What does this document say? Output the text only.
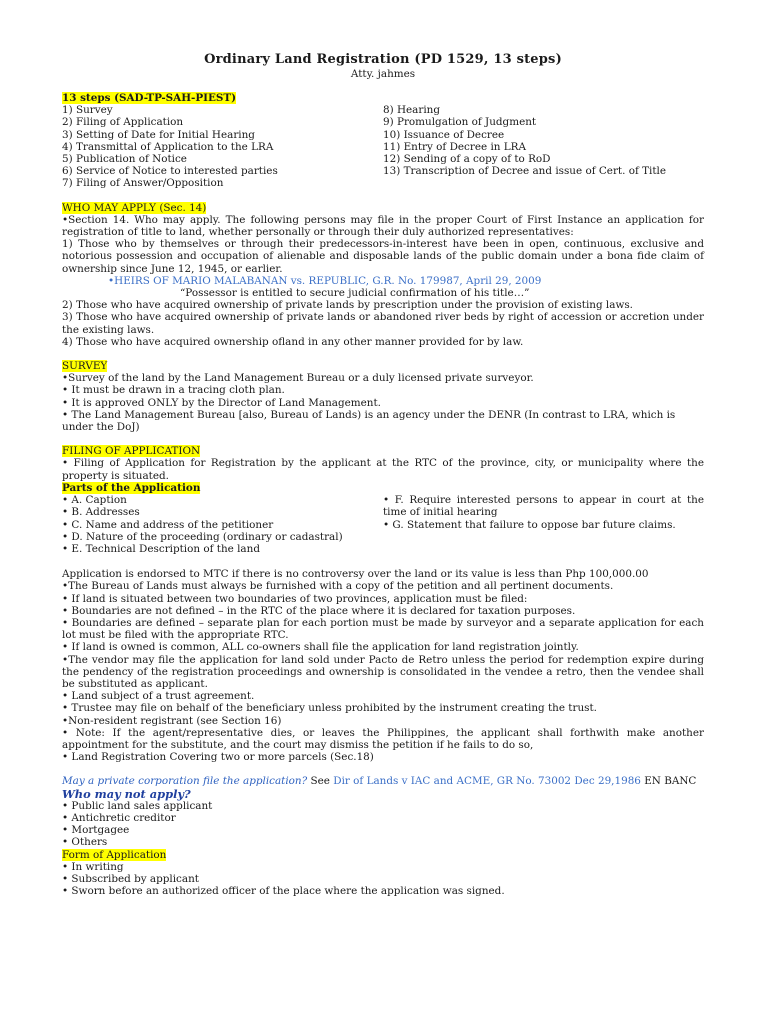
Ordinary Land Registration (PD 1529, 13 steps)
Atty. jahmes
13 steps (SAD-TP-SAH-PIEST)
1) Survey
2) Filing of Application
3) Setting of Date for Initial Hearing
4) Transmittal of Application to the LRA
5) Publication of Notice
6) Service of Notice to interested parties
7) Filing of Answer/Opposition
8) Hearing
9) Promulgation of Judgment
10) Issuance of Decree
11) Entry of Decree in LRA
12) Sending of a copy of to RoD
13) Transcription of Decree and issue of Cert. of Title
WHO MAY APPLY (Sec. 14)

•Section 14. Who may apply. The following persons may file in the proper Court of First Instance an application for registration of title to land, whether personally or through their duly authorized representatives:

1) Those who by themselves or through their predecessors-in-interest have been in open, continuous, exclusive and notorious possession and occupation of alienable and disposable lands of the public domain under a bona fide claim of ownership since June 12, 1945, or earlier.

•HEIRS OF MARIO MALABANAN vs. REPUBLIC, G.R. No. 179987, April 29, 2009

“Possessor is entitled to secure judicial confirmation of his title…”

2) Those who have acquired ownership of private lands by prescription under the provision of existing laws.

3) Those who have acquired ownership of private lands or abandoned river beds by right of accession or accretion under the existing laws.

4) Those who have acquired ownership ofland in any other manner provided for by law.

SURVEY

•Survey of the land by the Land Management Bureau or a duly licensed private surveyor.

• It must be drawn in a tracing cloth plan.

• It is approved ONLY by the Director of Land Management.

• The Land Management Bureau [also, Bureau of Lands) is an agency under the DENR (In contrast to LRA, which is under the DoJ)

FILING OF APPLICATION

• Filing of Application for Registration by the applicant at the RTC of the province, city, or municipality where the property is situated.

Parts of the Application
• A. Caption
• B. Addresses
• C. Name and address of the petitioner
• D. Nature of the proceeding (ordinary or cadastral)
• E. Technical Description of the land
• F. Require interested persons to appear in court at the time of initial hearing
• G. Statement that failure to oppose bar future claims.

Application is endorsed to MTC if there is no controversy over the land or its value is less than Php 100,000.00

•The Bureau of Lands must always be furnished with a copy of the petition and all pertinent documents.

• If land is situated between two boundaries of two provinces, application must be filed:

• Boundaries are not defined – in the RTC of the place where it is declared for taxation purposes.

• Boundaries are defined – separate plan for each portion must be made by surveyor and a separate application for each lot must be filed with the appropriate RTC.

• If land is owned is common, ALL co-owners shall file the application for land registration jointly.

•The vendor may file the application for land sold under Pacto de Retro unless the period for redemption expire during the pendency of the registration proceedings and ownership is consolidated in the vendee a retro, then the vendee shall be substituted as applicant.

• Land subject of a trust agreement.

• Trustee may file on behalf of the beneficiary unless prohibited by the instrument creating the trust.

•Non-resident registrant (see Section 16)

• Note: If the agent/representative dies, or leaves the Philippines, the applicant shall forthwith make another appointment for the substitute, and the court may dismiss the petition if he fails to do so,

• Land Registration Covering two or more parcels (Sec.18)

May a private corporation file the application? See Dir of Lands v IAC and ACME, GR No. 73002 Dec 29,1986 EN BANC

Who may not apply?

• Public land sales applicant

• Antichretic creditor

• Mortgagee

• Others

Form of Application

• In writing

• Subscribed by applicant

• Sworn before an authorized officer of the place where the application was signed.
